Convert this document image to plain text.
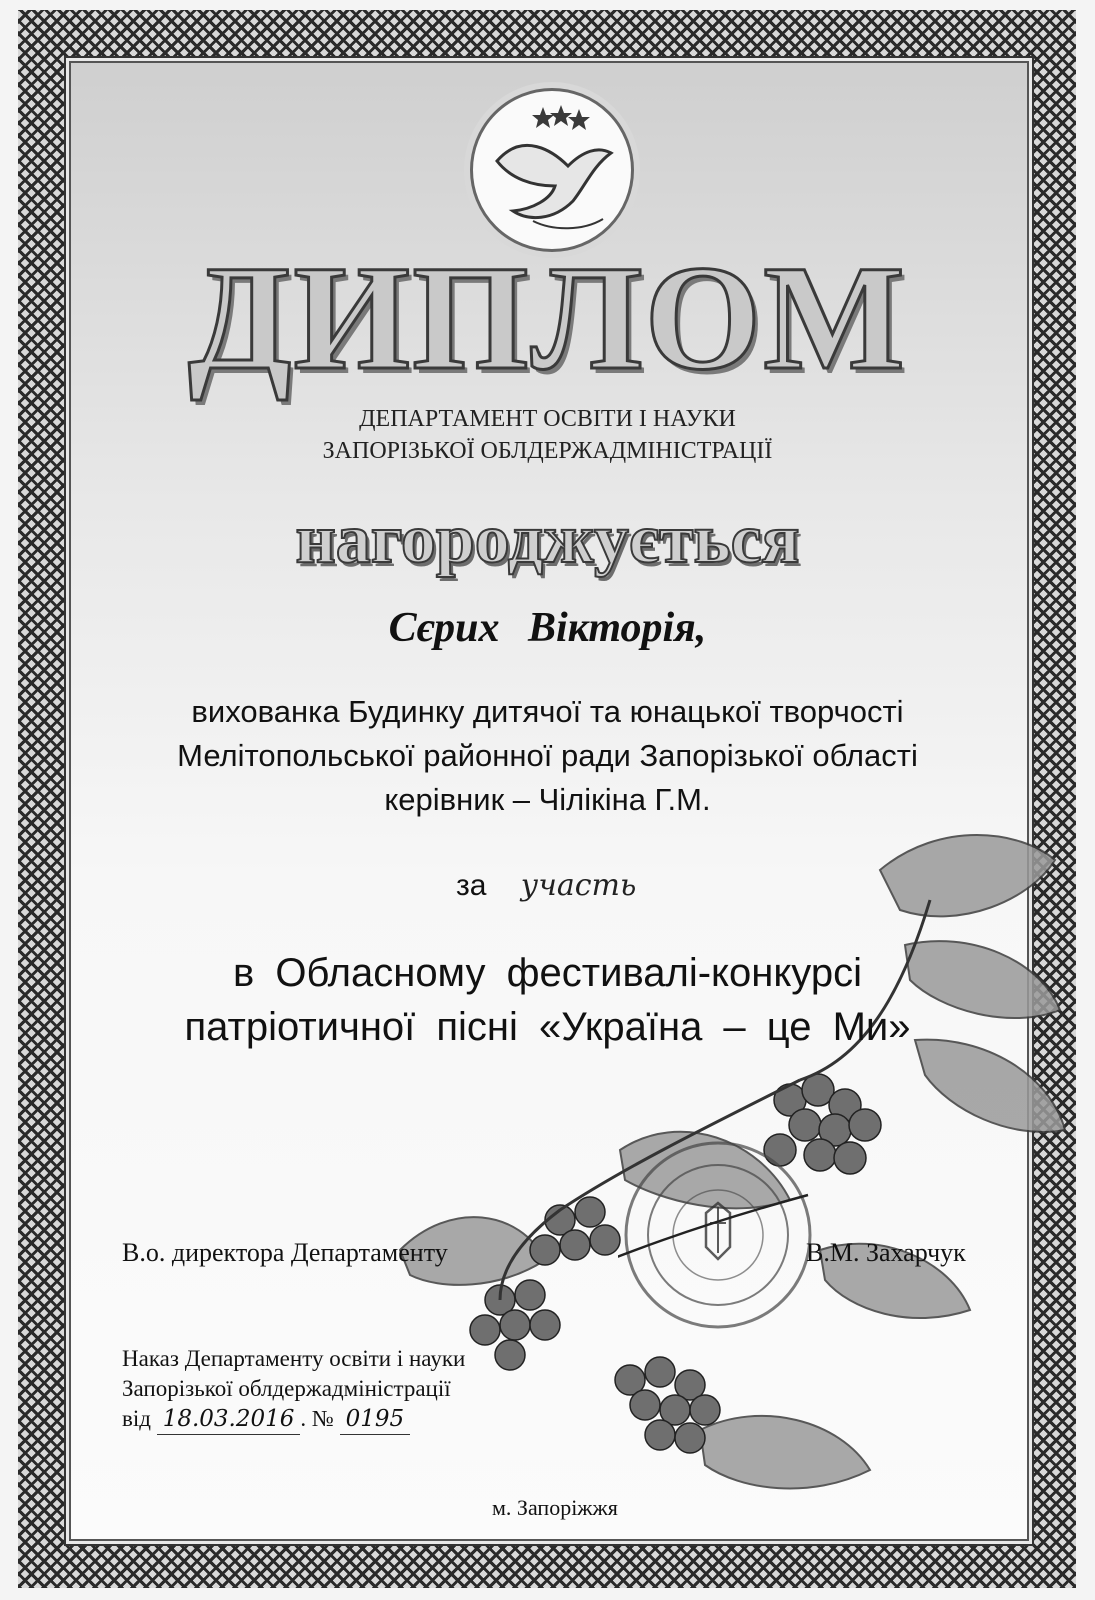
ДИПЛОМ
ДЕПАРТАМЕНТ ОСВІТИ І НАУКИ
ЗАПОРІЗЬКОЇ ОБЛДЕРЖАДМІНІСТРАЦІЇ
нагороджується
Сєрих Вікторія,
вихованка Будинку дитячої та юнацької творчості
Мелітопольської районної ради Запорізької області
керівник – Чілікіна Г.М.
за участь
в Обласному фестивалі-конкурсі
патріотичної пісні «Україна – це Ми»
В.о. директора Департаменту	В.М. Захарчук
Наказ Департаменту освіти і науки
Запорізької облдержадміністрації
від 18.03.2016 . № 0195
м. Запоріжжя
